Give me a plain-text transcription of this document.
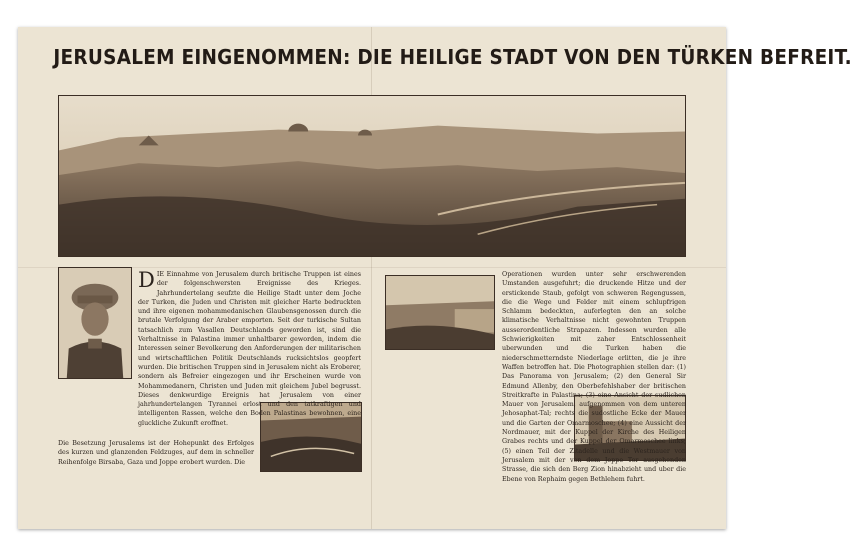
JERUSALEM EINGENOMMEN: DIE HEILIGE STADT VON DEN TÜRKEN BEFREIT.

DIE Einnahme von Jerusalem durch britische Truppen ist eines der folgenschwersten Ereignisse des Krieges. Jahrhundertelang seufzte die Heilige Stadt unter dem Joche der Turken, die Juden und Christen mit gleicher Harte bedruckten und ihre eigenen mohammedanischen Glaubensgenossen durch die brutale Verfolgung der Araber emporten. Seit der turkische Sultan tatsachlich zum Vasallen Deutschlands geworden ist, sind die Verhaltnisse in Palastina immer unhaltbarer geworden, indem die Interessen seiner Bevolkerung den Anforderungen der militarischen und wirtschaftlichen Politik Deutschlands rucksichtslos geopfert wurden. Die britischen Truppen sind in Jerusalem nicht als Eroberer, sondern als Befreier eingezogen und ihr Erscheinen wurde von Mohammedanern, Christen und Juden mit gleichem Jubel begrusst. Dieses denkwurdige Ereignis hat Jerusalem von einer jahrhundertelangen Tyrannei erlost und den tatkraftigen und intelligenten Rassen, welche den Boden Palastinas bewohnen, eine gluckliche Zukunft eroffnet.

Die Besetzung Jerusalems ist der Hohepunkt des Erfolges des kurzen und glanzenden Feldzuges, auf dem in schneller Reihenfolge Birsaba, Gaza und Joppe erobert wurden. Die

Operationen wurden unter sehr erschwerenden Umstanden ausgefuhrt; die druckende Hitze und der erstickende Staub, gefolgt von schweren Regengussen, die die Wege und Felder mit einem schlupfrigen Schlamm bedeckten, auferlegten den an solche klimatische Verhaltnisse nicht gewohnten Truppen ausserordentliche Strapazen. Indessen wurden alle Schwierigkeiten mit zaher Entschlossenheit uberwunden und die Turken haben die niederschmetterndste Niederlage erlitten, die je ihre Waffen betroffen hat. Die Photographien stellen dar: (1) Das Panorama von Jerusalem; (2) den General Sir Edmund Allenby, den Oberbefehlshaber der britischen Streitkrafte in Palastina; (3) eine Ansicht der sudlichen Mauer von Jerusalem, aufgenommen von dem unteren Jehosaphat-Tal; rechts die sudostliche Ecke der Mauer und die Garten der Omarmoschee; (4) eine Aussicht der Nordmauer, mit der Kuppel der Kirche des Heiligen Grabes rechts und der Kuppel der Omarmoschee links; (5) einen Teil der Zitadelle und die Westmauer von Jerusalem mit der von dem Joppe Tor ausgehenden Strasse, die sich den Berg Zion hinabzieht und uber die Ebene von Rephaim gegen Bethlehem fuhrt.
